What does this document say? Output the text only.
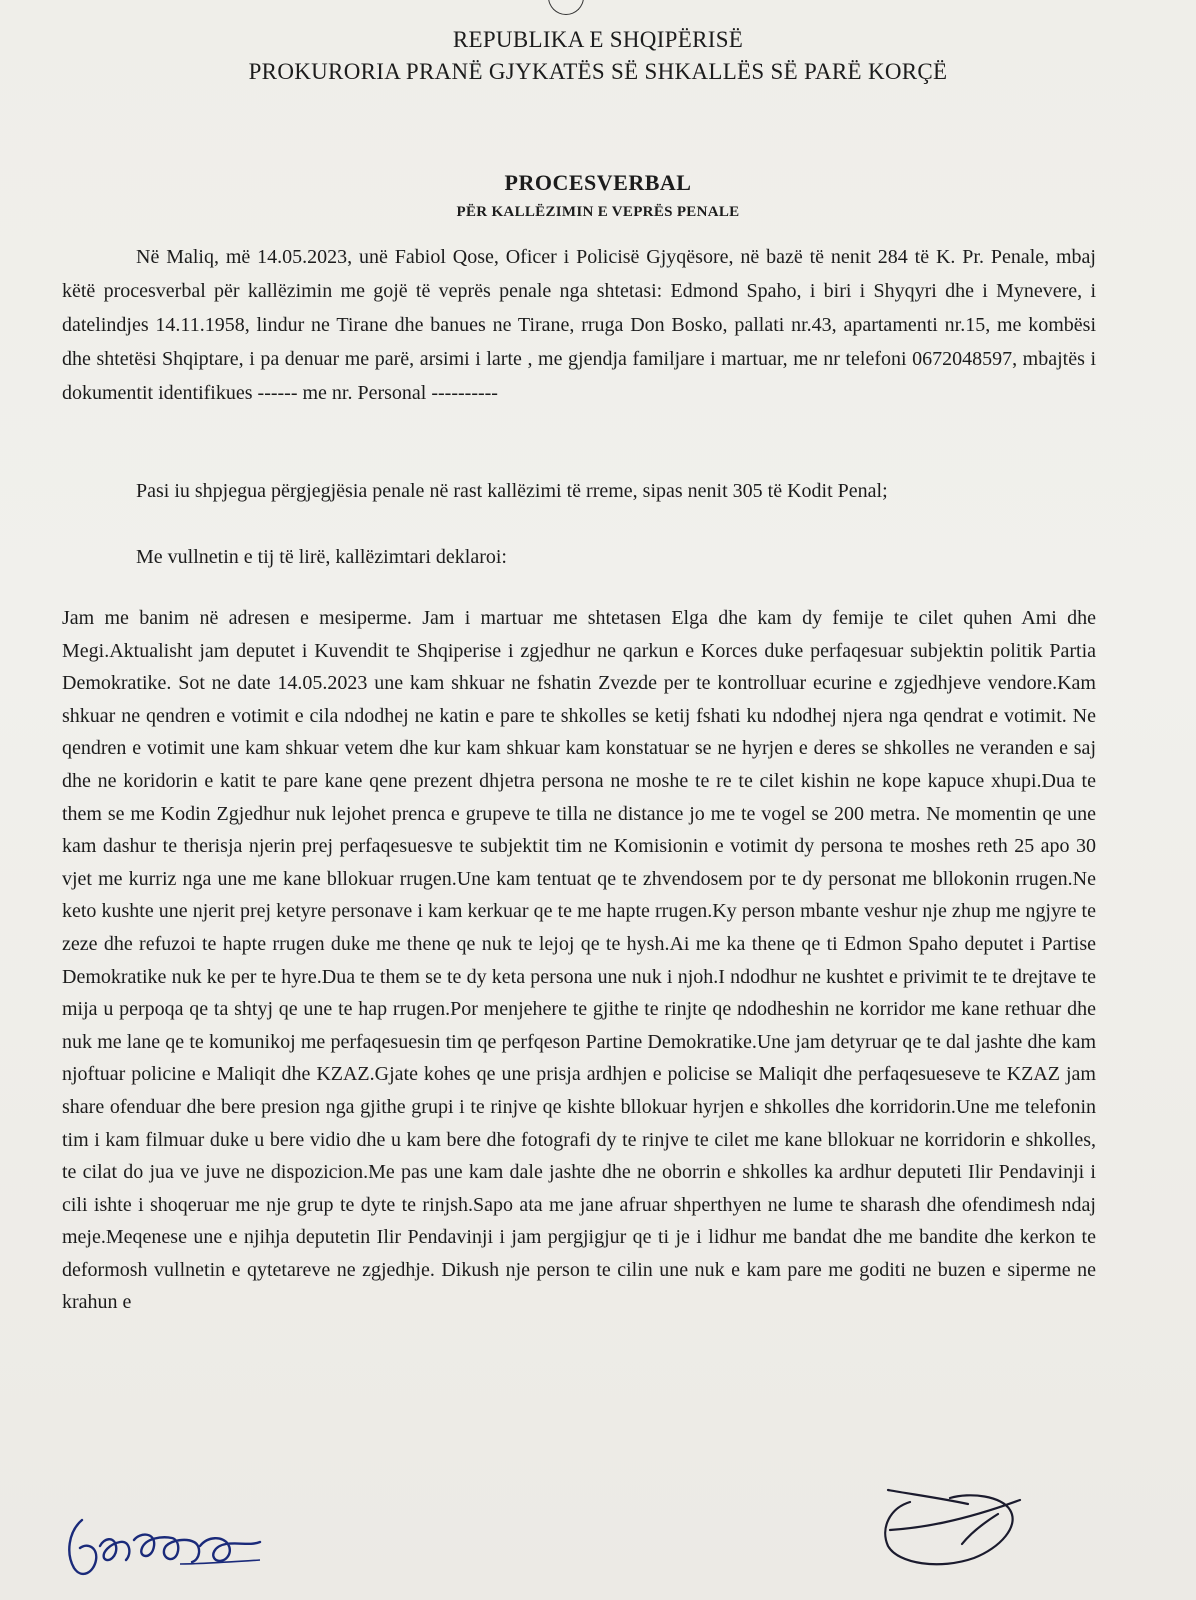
REPUBLIKA E SHQIPËRISË
PROKURORIA PRANË GJYKATËS SË SHKALLËS SË PARË KORÇË
PROCESVERBAL
PËR KALLËZIMIN E VEPRËS PENALE

Në Maliq, më 14.05.2023, unë Fabiol Qose, Oficer i Policisë Gjyqësore, në bazë të nenit 284 të K. Pr. Penale, mbaj këtë procesverbal për kallëzimin me gojë të veprës penale nga shtetasi: Edmond Spaho, i biri i Shyqyri dhe i Mynevere, i datelindjes 14.11.1958, lindur ne Tirane dhe banues ne Tirane, rruga Don Bosko, pallati nr.43, apartamenti nr.15, me kombësi dhe shtetësi Shqiptare, i pa denuar me parë, arsimi i larte , me gjendja familjare i martuar, me nr telefoni 0672048597, mbajtës i dokumentit identifikues ------ me nr. Personal ----------

Pasi iu shpjegua përgjegjësia penale në rast kallëzimi të rreme, sipas nenit 305 të Kodit Penal;
Me vullnetin e tij të lirë, kallëzimtari deklaroi:

Jam me banim në adresen e mesiperme. Jam i martuar me shtetasen Elga dhe kam dy femije te cilet quhen Ami dhe Megi.Aktualisht jam deputet i Kuvendit te Shqiperise i zgjedhur ne qarkun e Korces duke perfaqesuar subjektin politik Partia Demokratike. Sot ne date 14.05.2023 une kam shkuar ne fshatin Zvezde per te kontrolluar ecurine e zgjedhjeve vendore.Kam shkuar ne qendren e votimit e cila ndodhej ne katin e pare te shkolles se ketij fshati ku ndodhej njera nga qendrat e votimit. Ne qendren e votimit une kam shkuar vetem dhe kur kam shkuar kam konstatuar se ne hyrjen e deres se shkolles ne veranden e saj dhe ne koridorin e katit te pare kane qene prezent dhjetra persona ne moshe te re te cilet kishin ne kope kapuce xhupi.Dua te them se me Kodin Zgjedhur nuk lejohet prenca e grupeve te tilla ne distance jo me te vogel se 200 metra. Ne momentin qe une kam dashur te therisja njerin prej perfaqesuesve te subjektit tim ne Komisionin e votimit dy persona te moshes reth 25 apo 30 vjet me kurriz nga une me kane bllokuar rrugen.Une kam tentuat qe te zhvendosem por te dy personat me bllokonin rrugen.Ne keto kushte une njerit prej ketyre personave i kam kerkuar qe te me hapte rrugen.Ky person mbante veshur nje zhup me ngjyre te zeze dhe refuzoi te hapte rrugen duke me thene qe nuk te lejoj qe te hysh.Ai me ka thene qe ti Edmon Spaho deputet i Partise Demokratike nuk ke per te hyre.Dua te them se te dy keta persona une nuk i njoh.I ndodhur ne kushtet e privimit te te drejtave te mija u perpoqa qe ta shtyj qe une te hap rrugen.Por menjehere te gjithe te rinjte qe ndodheshin ne korridor me kane rethuar dhe nuk me lane qe te komunikoj me perfaqesuesin tim qe perfqeson Partine Demokratike.Une jam detyruar qe te dal jashte dhe kam njoftuar policine e Maliqit dhe KZAZ.Gjate kohes qe une prisja ardhjen e policise se Maliqit dhe perfaqesueseve te KZAZ jam share ofenduar dhe bere presion nga gjithe grupi i te rinjve qe kishte bllokuar hyrjen e shkolles dhe korridorin.Une me telefonin tim i kam filmuar duke u bere vidio dhe u kam bere dhe fotografi dy te rinjve te cilet me kane bllokuar ne korridorin e shkolles, te cilat do jua ve juve ne dispozicion.Me pas une kam dale jashte dhe ne oborrin e shkolles ka ardhur deputeti Ilir Pendavinji i cili ishte i shoqeruar me nje grup te dyte te rinjsh.Sapo ata me jane afruar shperthyen ne lume te sharash dhe ofendimesh ndaj meje.Meqenese une e njihja deputetin Ilir Pendavinji i jam pergjigjur qe ti je i lidhur me bandat dhe me bandite dhe kerkon te deformosh vullnetin e qytetareve ne zgjedhje. Dikush nje person te cilin une nuk e kam pare me goditi ne buzen e siperme ne krahun e
